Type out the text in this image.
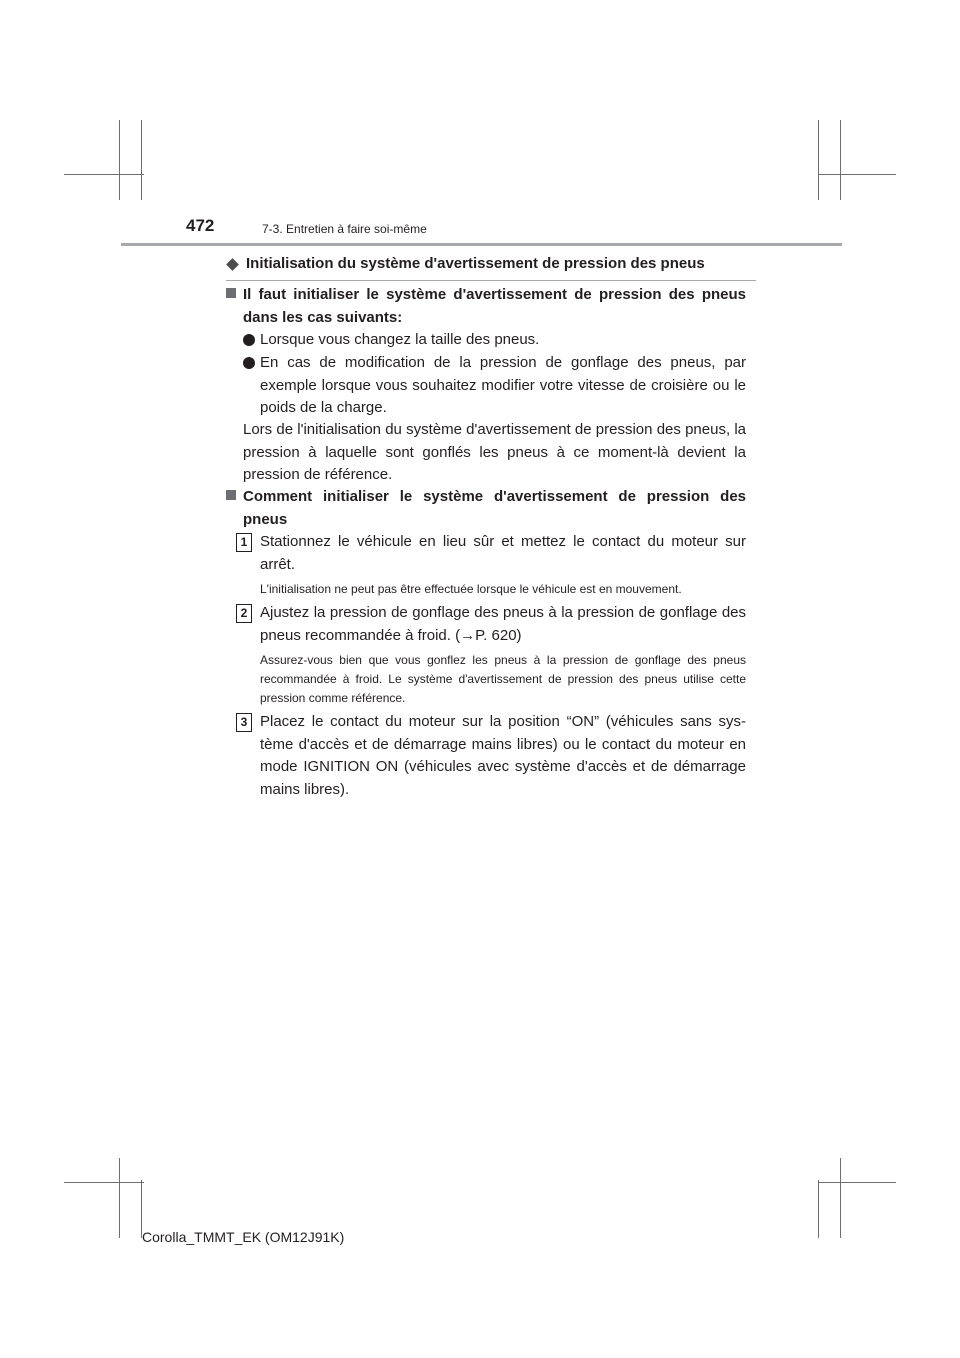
472	7-3. Entretien à faire soi-même
Initialisation du système d'avertissement de pression des pneus
Il faut initialiser le système d'avertissement de pression des pneus dans les cas suivants:
Lorsque vous changez la taille des pneus.
En cas de modification de la pression de gonflage des pneus, par exemple lorsque vous souhaitez modifier votre vitesse de croisière ou le poids de la charge.
Lors de l'initialisation du système d'avertissement de pression des pneus, la pression à laquelle sont gonflés les pneus à ce moment-là devient la pression de référence.
Comment initialiser le système d'avertissement de pression des pneus
1 Stationnez le véhicule en lieu sûr et mettez le contact du moteur sur arrêt.
L'initialisation ne peut pas être effectuée lorsque le véhicule est en mouvement.
2 Ajustez la pression de gonflage des pneus à la pression de gonflage des pneus recommandée à froid. (→P. 620)
Assurez-vous bien que vous gonflez les pneus à la pression de gonflage des pneus recommandée à froid. Le système d'avertissement de pression des pneus utilise cette pression comme référence.
3 Placez le contact du moteur sur la position “ON” (véhicules sans sys-tème d'accès et de démarrage mains libres) ou le contact du moteur en mode IGNITION ON (véhicules avec système d'accès et de démarrage mains libres).
Corolla_TMMT_EK (OM12J91K)
